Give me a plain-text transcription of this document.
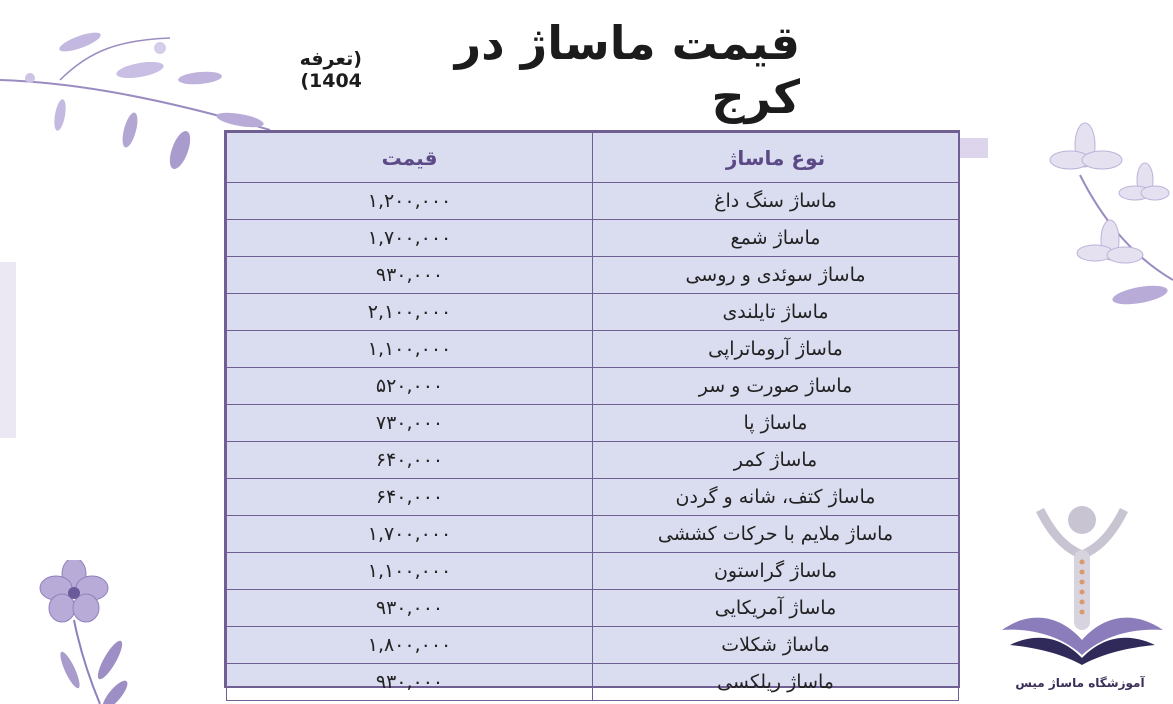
آموزشگاه ماساژ میس
قیمت ماساژ در کرج
(تعرفه 1404)
نوع ماساژ	قیمت
ماساژ سنگ داغ	۱,۲۰۰,۰۰۰
ماساژ شمع	۱,۷۰۰,۰۰۰
ماساژ سوئدی و روسی	۹۳۰,۰۰۰
ماساژ تایلندی	۲,۱۰۰,۰۰۰
ماساژ آروماتراپی	۱,۱۰۰,۰۰۰
ماساژ صورت و سر	۵۲۰,۰۰۰
ماساژ پا	۷۳۰,۰۰۰
ماساژ کمر	۶۴۰,۰۰۰
ماساژ کتف، شانه و گردن	۶۴۰,۰۰۰
ماساژ ملایم با حرکات کششی	۱,۷۰۰,۰۰۰
ماساژ گراستون	۱,۱۰۰,۰۰۰
ماساژ آمریکایی	۹۳۰,۰۰۰
ماساژ شکلات	۱,۸۰۰,۰۰۰
ماساژ ریلکسی	۹۳۰,۰۰۰
